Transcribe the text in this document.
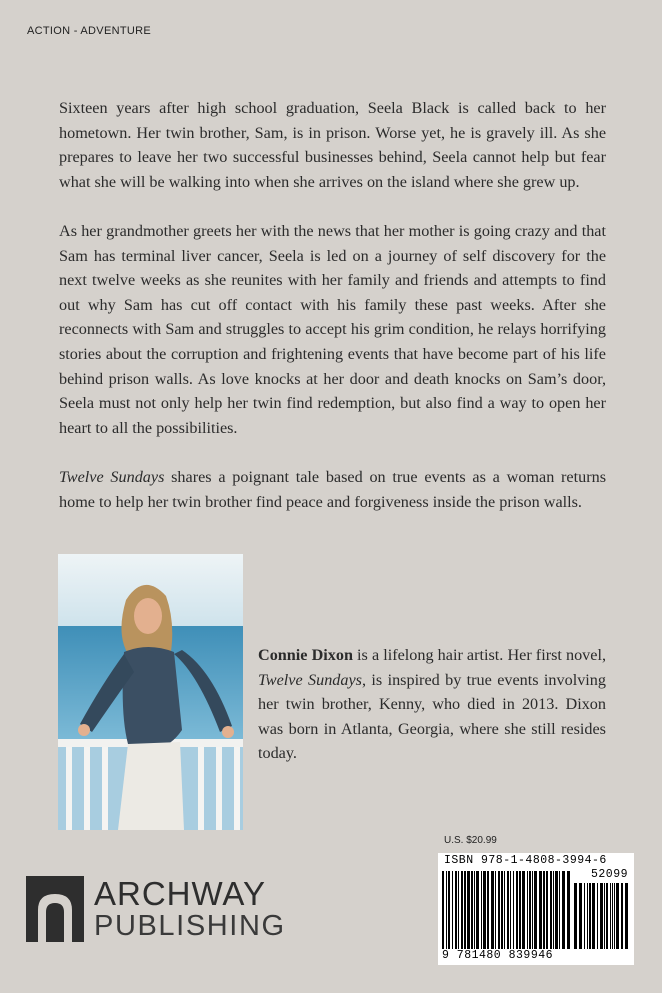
ACTION - ADVENTURE

Sixteen years after high school graduation, Seela Black is called back to her hometown. Her twin brother, Sam, is in prison. Worse yet, he is gravely ill. As she prepares to leave her two successful businesses behind, Seela cannot help but fear what she will be walking into when she arrives on the island where she grew up.

As her grandmother greets her with the news that her mother is going crazy and that Sam has terminal liver cancer, Seela is led on a journey of self discovery for the next twelve weeks as she reunites with her family and friends and attempts to find out why Sam has cut off contact with his family these past weeks. After she reconnects with Sam and struggles to accept his grim condition, he relays horrifying stories about the corruption and frightening events that have become part of his life behind prison walls. As love knocks at her door and death knocks on Sam’s door, Seela must not only help her twin find redemption, but also find a way to open her heart to all the possibilities.

Twelve Sundays shares a poignant tale based on true events as a woman returns home to help her twin brother find peace and forgiveness inside the prison walls.

Connie Dixon is a lifelong hair artist. Her first novel, Twelve Sundays, is inspired by true events involving her twin brother, Kenny, who died in 2013. Dixon was born in Atlanta, Georgia, where she still resides today.
ARCHWAY
PUBLISHING
U.S. $20.99
ISBN 978-1-4808-3994-6
52099
9 781480 839946
